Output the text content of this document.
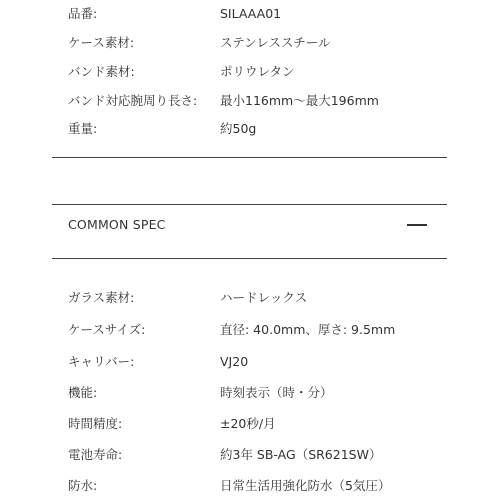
品番:	SILAAA01
ケース素材:	ステンレススチール
バンド素材:	ポリウレタン
バンド対応腕周り長さ: 最小116mm〜最大196mm
重量:	約50g
COMMON SPEC
ガラス素材:	ハードレックス
ケースサイズ:	直径: 40.0mm、厚さ: 9.5mm
キャリバー:	VJ20
機能:	時刻表示（時・分）
時間精度:	±20秒/月
電池寿命:	約3年 SB-AG（SR621SW）
防水:	日常生活用強化防水（5気圧）
